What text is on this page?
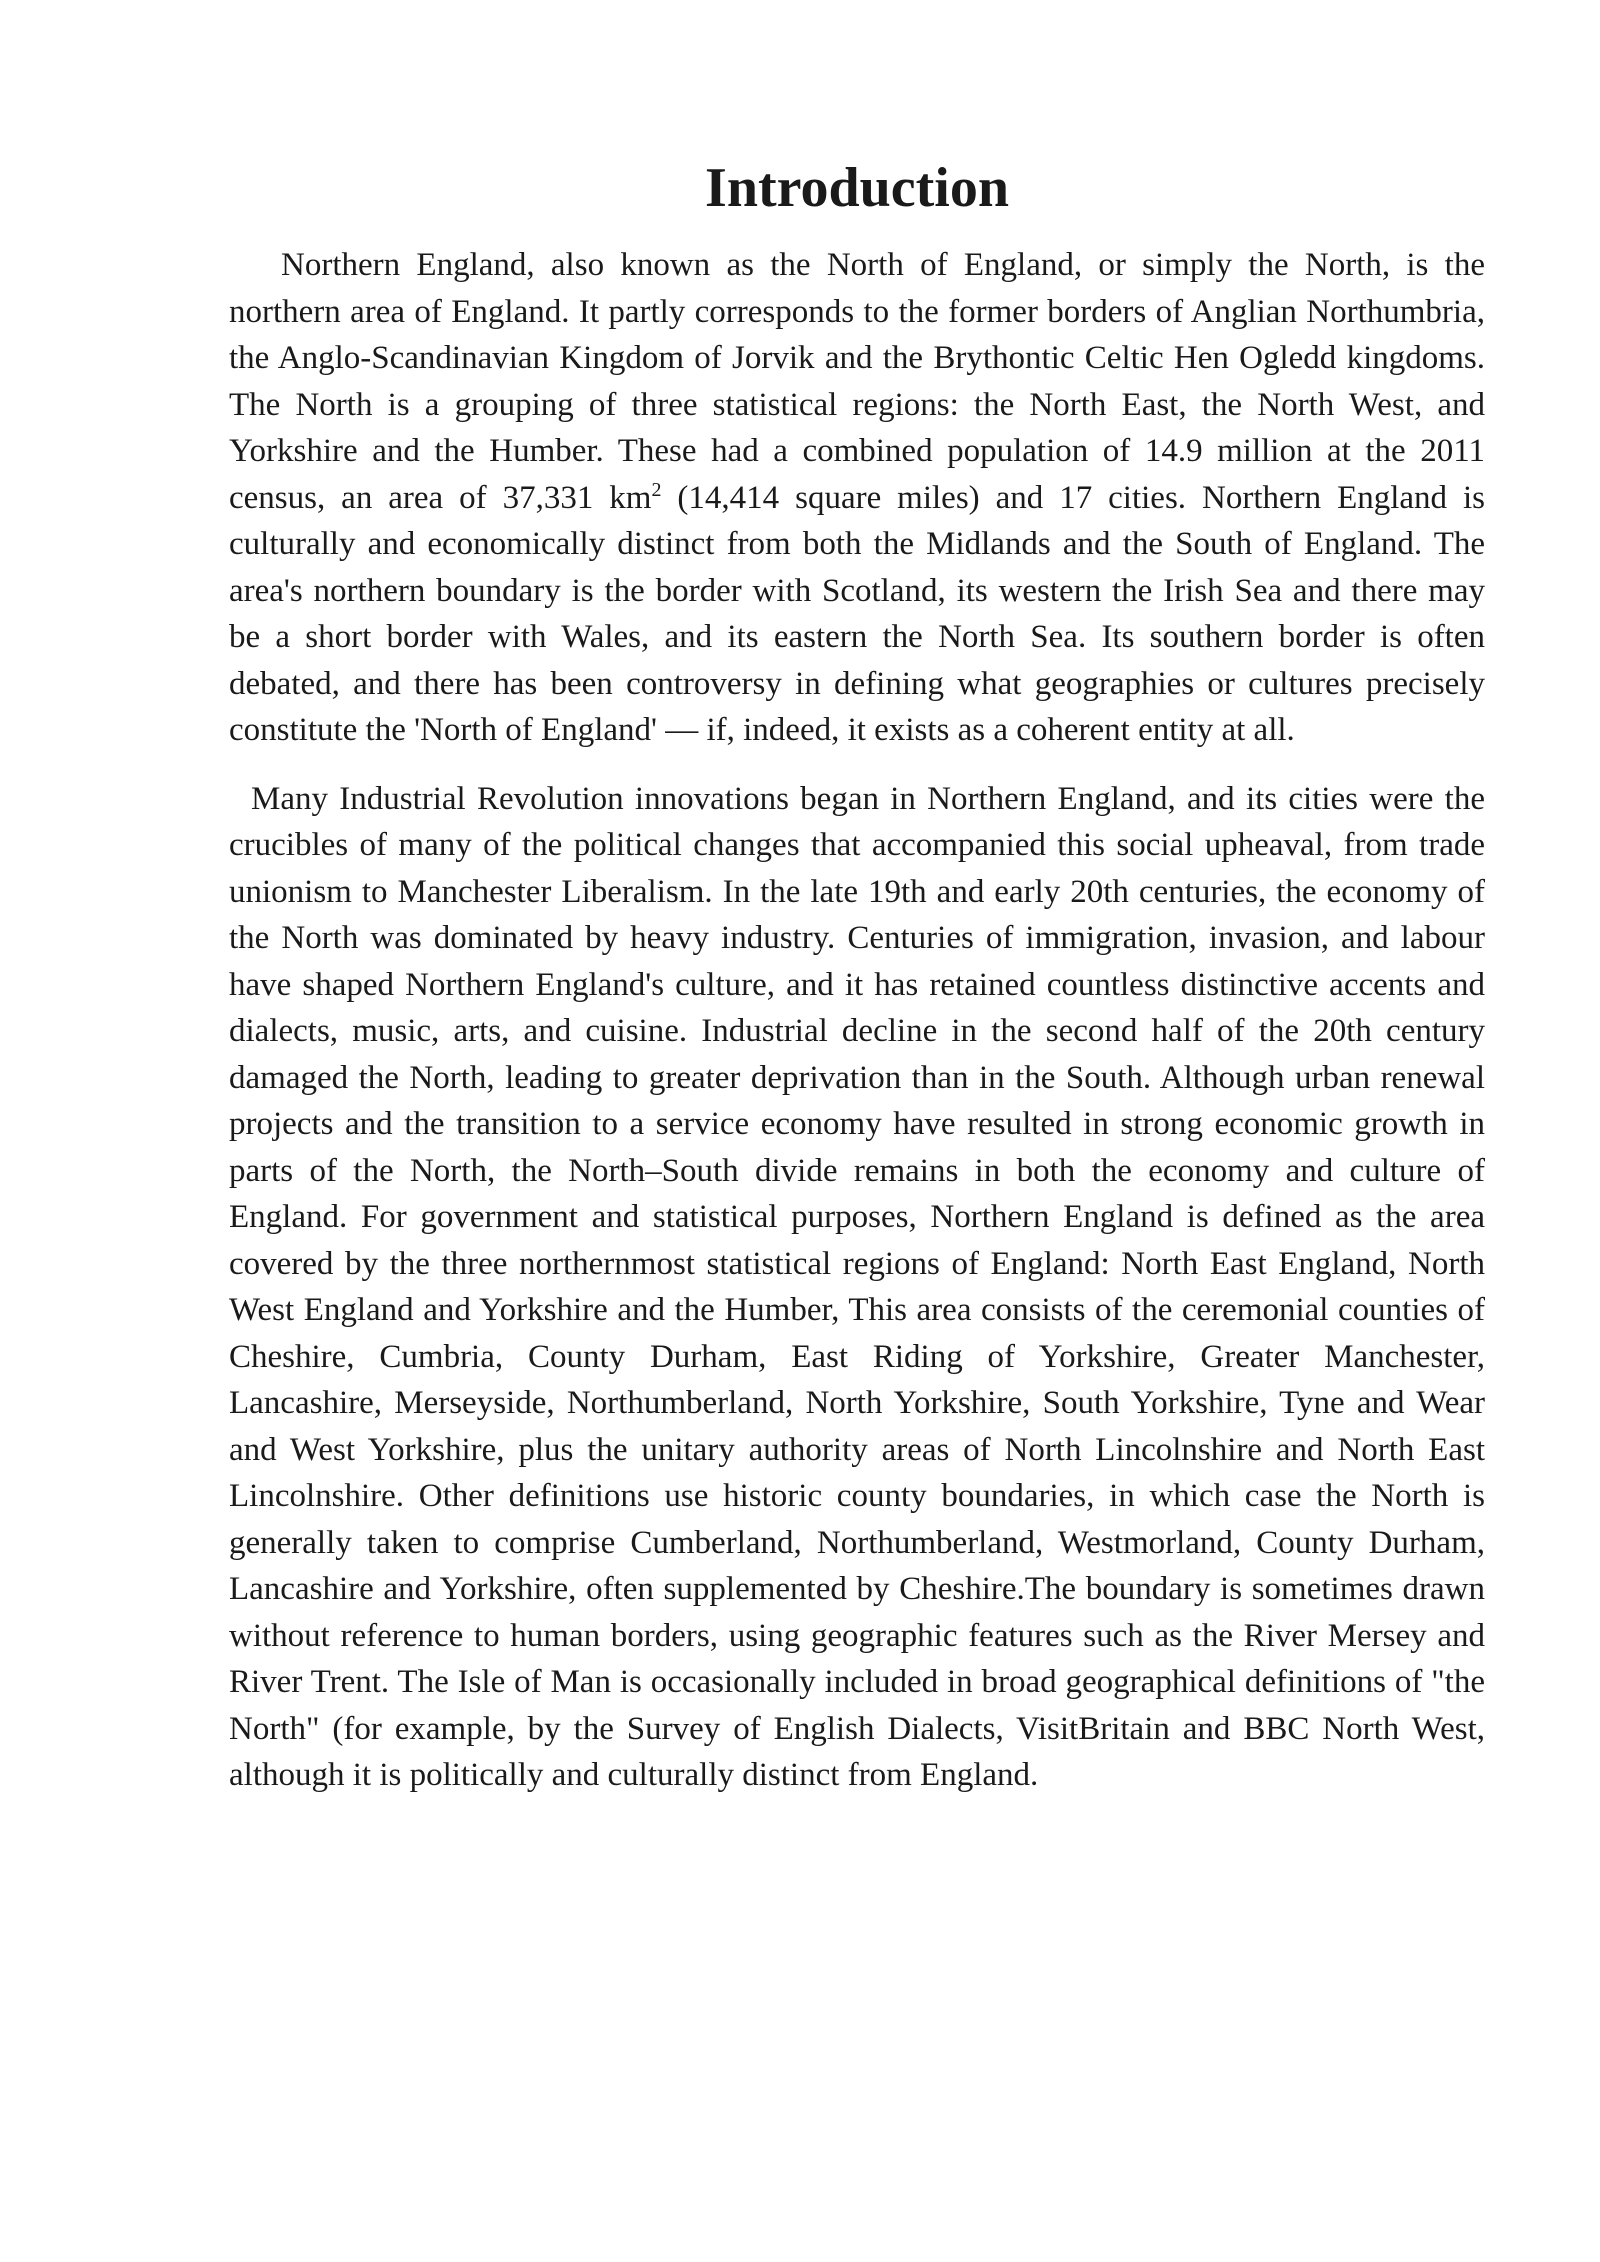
Introduction

Northern England, also known as the North of England, or simply the North, is the northern area of England. It partly corresponds to the former borders of Anglian Northumbria, the Anglo-Scandinavian Kingdom of Jorvik and the Brythontic Celtic Hen Ogledd kingdoms. The North is a grouping of three statistical regions: the North East, the North West, and Yorkshire and the Humber. These had a combined population of 14.9 million at the 2011 census, an area of 37,331 $km^2$ (14,414 square miles) and 17 cities. Northern England is culturally and economically distinct from both the Midlands and the South of England. The area's northern boundary is the border with Scotland, its western the Irish Sea and there may be a short border with Wales, and its eastern the North Sea. Its southern border is often debated, and there has been controversy in defining what geographies or cultures precisely constitute the 'North of England' — if, indeed, it exists as a coherent entity at all.

Many Industrial Revolution innovations began in Northern England, and its cities were the crucibles of many of the political changes that accompanied this social upheaval, from trade unionism to Manchester Liberalism. In the late 19th and early 20th centuries, the economy of the North was dominated by heavy industry. Centuries of immigration, invasion, and labour have shaped Northern England's culture, and it has retained countless distinctive accents and dialects, music, arts, and cuisine. Industrial decline in the second half of the 20th century damaged the North, leading to greater deprivation than in the South. Although urban renewal projects and the transition to a service economy have resulted in strong economic growth in parts of the North, the North–South divide remains in both the economy and culture of England. For government and statistical purposes, Northern England is defined as the area covered by the three northernmost statistical regions of England: North East England, North West England and Yorkshire and the Humber, This area consists of the ceremonial counties of Cheshire, Cumbria, County Durham, East Riding of Yorkshire, Greater Manchester, Lancashire, Merseyside, Northumberland, North Yorkshire, South Yorkshire, Tyne and Wear and West Yorkshire, plus the unitary authority areas of North Lincolnshire and North East Lincolnshire. Other definitions use historic county boundaries, in which case the North is generally taken to comprise Cumberland, Northumberland, Westmorland, County Durham, Lancashire and Yorkshire, often supplemented by Cheshire.The boundary is sometimes drawn without reference to human borders, using geographic features such as the River Mersey and River Trent. The Isle of Man is occasionally included in broad geographical definitions of "the North" (for example, by the Survey of English Dialects, VisitBritain and BBC North West, although it is politically and culturally distinct from England.
